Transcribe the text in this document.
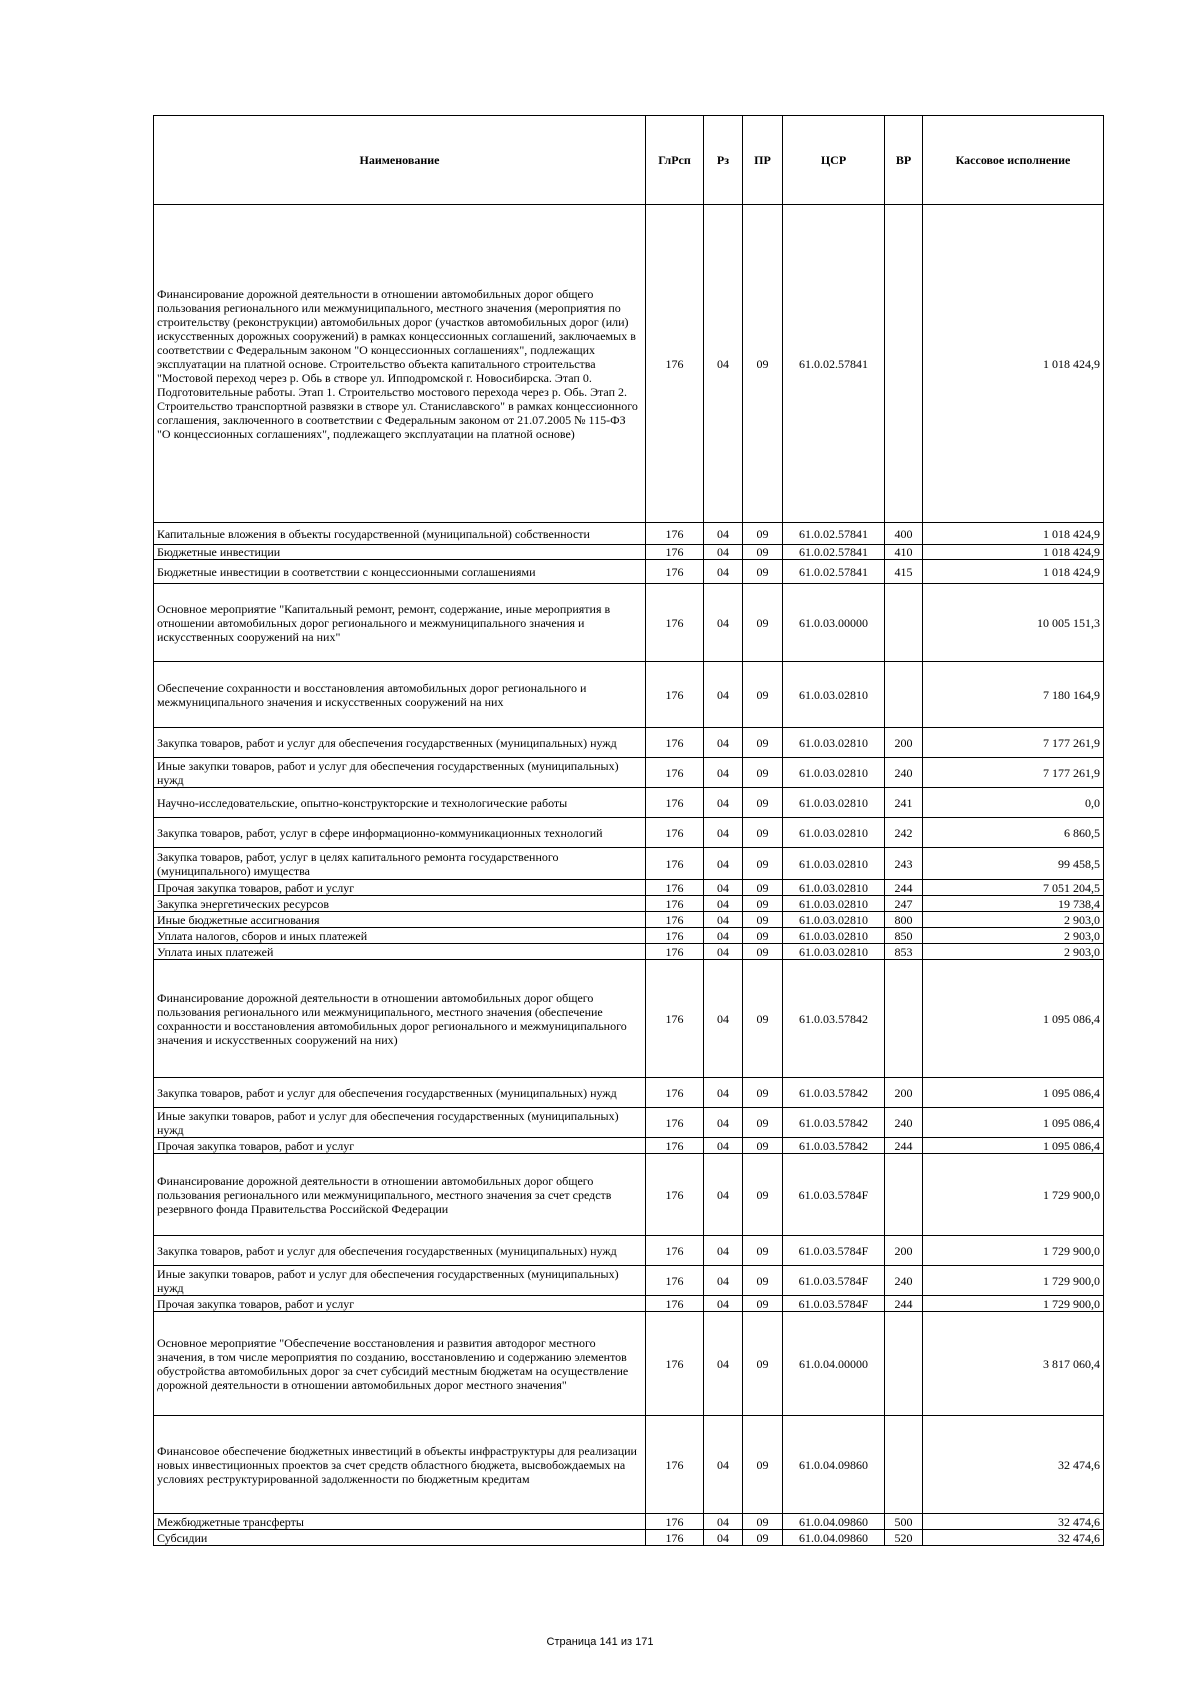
Наименование	ГлРсп	Рз	ПР	ЦСР	ВР	Кассовое исполнение
Финансирование дорожной деятельности в отношении автомобильных дорог общего пользования регионального или межмуниципального, местного значения (мероприятия по строительству (реконструкции) автомобильных дорог (участков автомобильных дорог (или) искусственных дорожных сооружений) в рамках концессионных соглашений, заключаемых в соответствии с Федеральным законом "О концессионных соглашениях", подлежащих эксплуатации на платной основе. Строительство объекта капитального строительства "Мостовой переход через р. Обь в створе ул. Ипподромской г. Новосибирска. Этап 0. Подготовительные работы. Этап 1. Строительство мостового перехода через р. Обь. Этап 2. Строительство транспортной развязки в створе ул. Станиславского" в рамках концессионного соглашения, заключенного в соответствии с Федеральным законом от 21.07.2005 № 115-ФЗ "О концессионных соглашениях", подлежащего эксплуатации на платной основе)	176	04	09	61.0.02.57841		1 018 424,9
Капитальные вложения в объекты государственной (муниципальной) собственности	176	04	09	61.0.02.57841	400	1 018 424,9
Бюджетные инвестиции	176	04	09	61.0.02.57841	410	1 018 424,9
Бюджетные инвестиции в соответствии с концессионными соглашениями	176	04	09	61.0.02.57841	415	1 018 424,9
Основное мероприятие "Капитальный ремонт, ремонт, содержание, иные мероприятия в отношении автомобильных дорог регионального и межмуниципального значения и искусственных сооружений на них"	176	04	09	61.0.03.00000		10 005 151,3
Обеспечение сохранности и восстановления автомобильных дорог регионального и межмуниципального значения и искусственных сооружений на них	176	04	09	61.0.03.02810		7 180 164,9
Закупка товаров, работ и услуг для обеспечения государственных (муниципальных) нужд	176	04	09	61.0.03.02810	200	7 177 261,9
Иные закупки товаров, работ и услуг для обеспечения государственных (муниципальных) нужд	176	04	09	61.0.03.02810	240	7 177 261,9
Научно-исследовательские, опытно-конструкторские и технологические работы	176	04	09	61.0.03.02810	241	0,0
Закупка товаров, работ, услуг в сфере информационно-коммуникационных технологий	176	04	09	61.0.03.02810	242	6 860,5
Закупка товаров, работ, услуг в целях капитального ремонта государственного (муниципального) имущества	176	04	09	61.0.03.02810	243	99 458,5
Прочая закупка товаров, работ и услуг	176	04	09	61.0.03.02810	244	7 051 204,5
Закупка энергетических ресурсов	176	04	09	61.0.03.02810	247	19 738,4
Иные бюджетные ассигнования	176	04	09	61.0.03.02810	800	2 903,0
Уплата налогов, сборов и иных платежей	176	04	09	61.0.03.02810	850	2 903,0
Уплата иных платежей	176	04	09	61.0.03.02810	853	2 903,0
Финансирование дорожной деятельности в отношении автомобильных дорог общего пользования регионального или межмуниципального, местного значения (обеспечение сохранности и восстановления автомобильных дорог регионального и межмуниципального значения и искусственных сооружений на них)	176	04	09	61.0.03.57842		1 095 086,4
Закупка товаров, работ и услуг для обеспечения государственных (муниципальных) нужд	176	04	09	61.0.03.57842	200	1 095 086,4
Иные закупки товаров, работ и услуг для обеспечения государственных (муниципальных) нужд	176	04	09	61.0.03.57842	240	1 095 086,4
Прочая закупка товаров, работ и услуг	176	04	09	61.0.03.57842	244	1 095 086,4
Финансирование дорожной деятельности в отношении автомобильных дорог общего пользования регионального или межмуниципального, местного значения за счет средств резервного фонда Правительства Российской Федерации	176	04	09	61.0.03.5784F		1 729 900,0
Закупка товаров, работ и услуг для обеспечения государственных (муниципальных) нужд	176	04	09	61.0.03.5784F	200	1 729 900,0
Иные закупки товаров, работ и услуг для обеспечения государственных (муниципальных) нужд	176	04	09	61.0.03.5784F	240	1 729 900,0
Прочая закупка товаров, работ и услуг	176	04	09	61.0.03.5784F	244	1 729 900,0
Основное мероприятие "Обеспечение восстановления и развития автодорог местного значения, в том числе мероприятия по созданию, восстановлению и содержанию элементов обустройства автомобильных дорог за счет субсидий местным бюджетам на осуществление дорожной деятельности в отношении автомобильных дорог местного значения"	176	04	09	61.0.04.00000		3 817 060,4
Финансовое обеспечение бюджетных инвестиций в объекты инфраструктуры для реализации новых инвестиционных проектов за счет средств областного бюджета, высвобождаемых на условиях реструктурированной задолженности по бюджетным кредитам	176	04	09	61.0.04.09860		32 474,6
Межбюджетные трансферты	176	04	09	61.0.04.09860	500	32 474,6
Субсидии	176	04	09	61.0.04.09860	520	32 474,6
Страница 141 из 171
